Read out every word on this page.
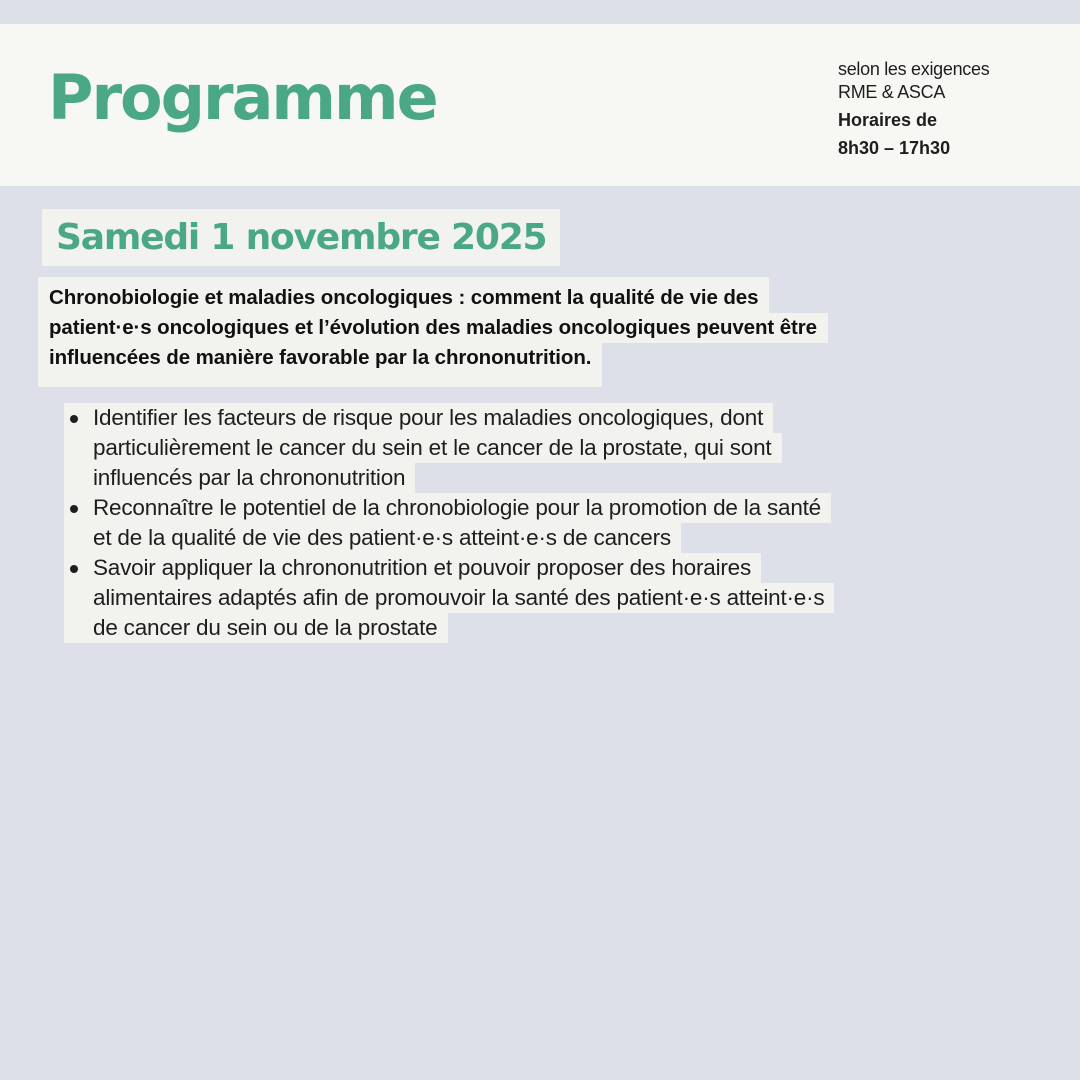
Programme	selon les exigences
RME & ASCA
Horaires de
8h30 – 17h30
Samedi 1 novembre 2025
Chronobiologie et maladies oncologiques : comment la qualité de vie des
patient·e·s oncologiques et l’évolution des maladies oncologiques peuvent être
influencées de manière favorable par la chrononutrition.
Identifier les facteurs de risque pour les maladies oncologiques, dont
particulièrement le cancer du sein et le cancer de la prostate, qui sont
influencés par la chrononutrition
Reconnaître le potentiel de la chronobiologie pour la promotion de la santé
et de la qualité de vie des patient·e·s atteint·e·s de cancers
Savoir appliquer la chrononutrition et pouvoir proposer des horaires
alimentaires adaptés afin de promouvoir la santé des patient·e·s atteint·e·s
de cancer du sein ou de la prostate
